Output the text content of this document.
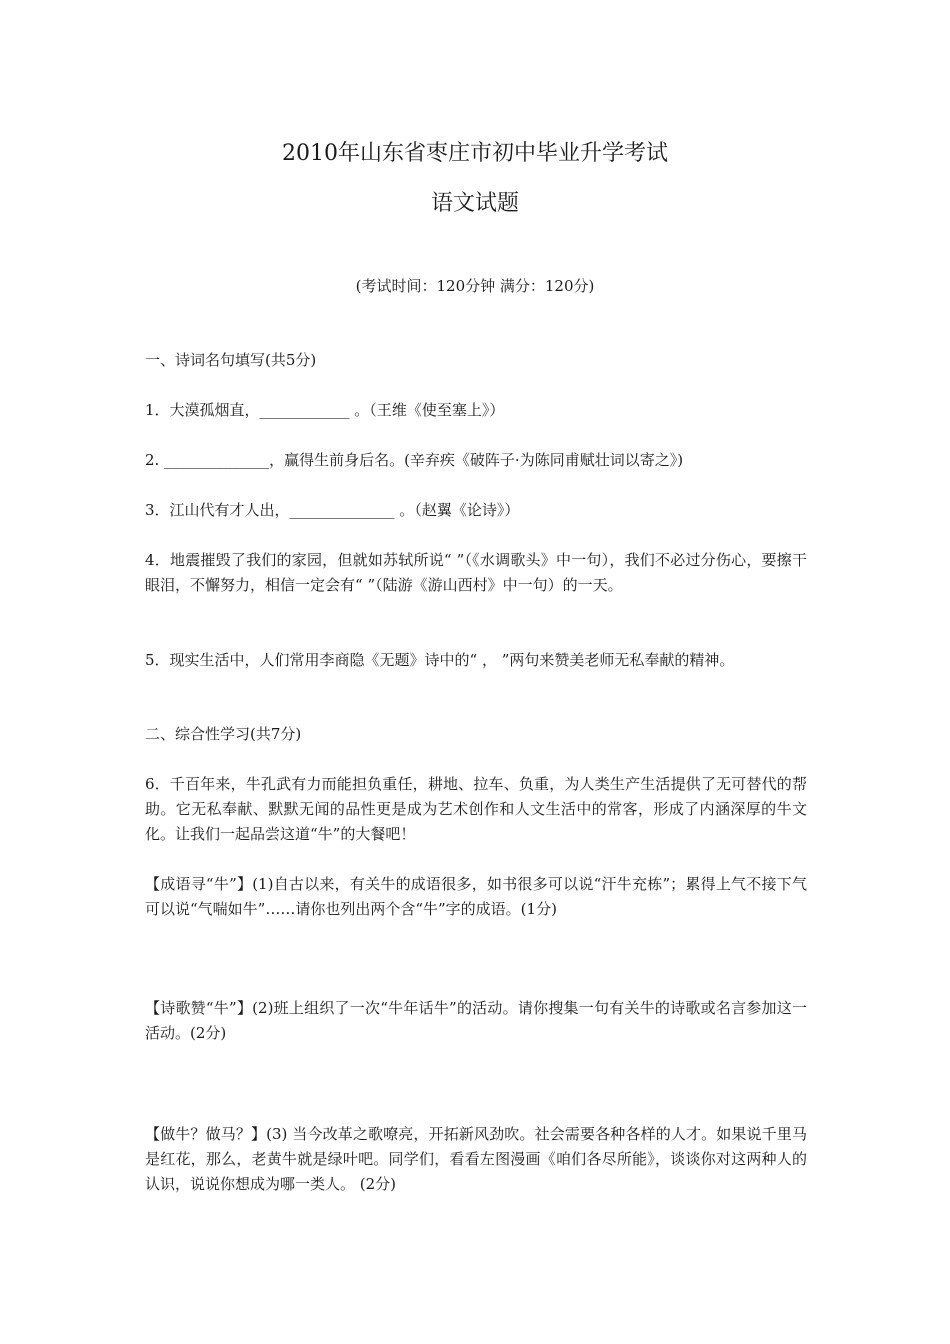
2010年山东省枣庄市初中毕业升学考试
语文试题
(考试时间：120分钟 满分：120分)
一、诗词名句填写(共5分)
1．大漠孤烟直，____________ 。（王维《使至塞上》）
2. ______________，赢得生前身后名。(辛弃疾《破阵子·为陈同甫赋壮词以寄之》)
3．江山代有才人出，______________ 。（赵翼《论诗》）
4．地震摧毁了我们的家园，但就如苏轼所说“ ”（《水调歌头》中一句），我们不必过分伤心，要擦干眼泪，不懈努力，相信一定会有“ ”（陆游《游山西村》中一句）的一天。
5．现实生活中，人们常用李商隐《无题》诗中的“ ， ”两句来赞美老师无私奉献的精神。
二、综合性学习(共7分)
6．千百年来，牛孔武有力而能担负重任，耕地、拉车、负重，为人类生产生活提供了无可替代的帮助。它无私奉献、默默无闻的品性更是成为艺术创作和人文生活中的常客，形成了内涵深厚的牛文化。让我们一起品尝这道“牛”的大餐吧！
【成语寻“牛”】(1)自古以来，有关牛的成语很多，如书很多可以说“汗牛充栋”；累得上气不接下气可以说“气喘如牛”……请你也列出两个含“牛”字的成语。(1分)
【诗歌赞“牛”】(2)班上组织了一次“牛年话牛”的活动。请你搜集一句有关牛的诗歌或名言参加这一活动。(2分)
【做牛？做马？】(3) 当今改革之歌嘹亮，开拓新风劲吹。社会需要各种各样的人才。如果说千里马是红花，那么，老黄牛就是绿叶吧。同学们，看看左图漫画《咱们各尽所能》，谈谈你对这两种人的认识，说说你想成为哪一类人。 (2分)
